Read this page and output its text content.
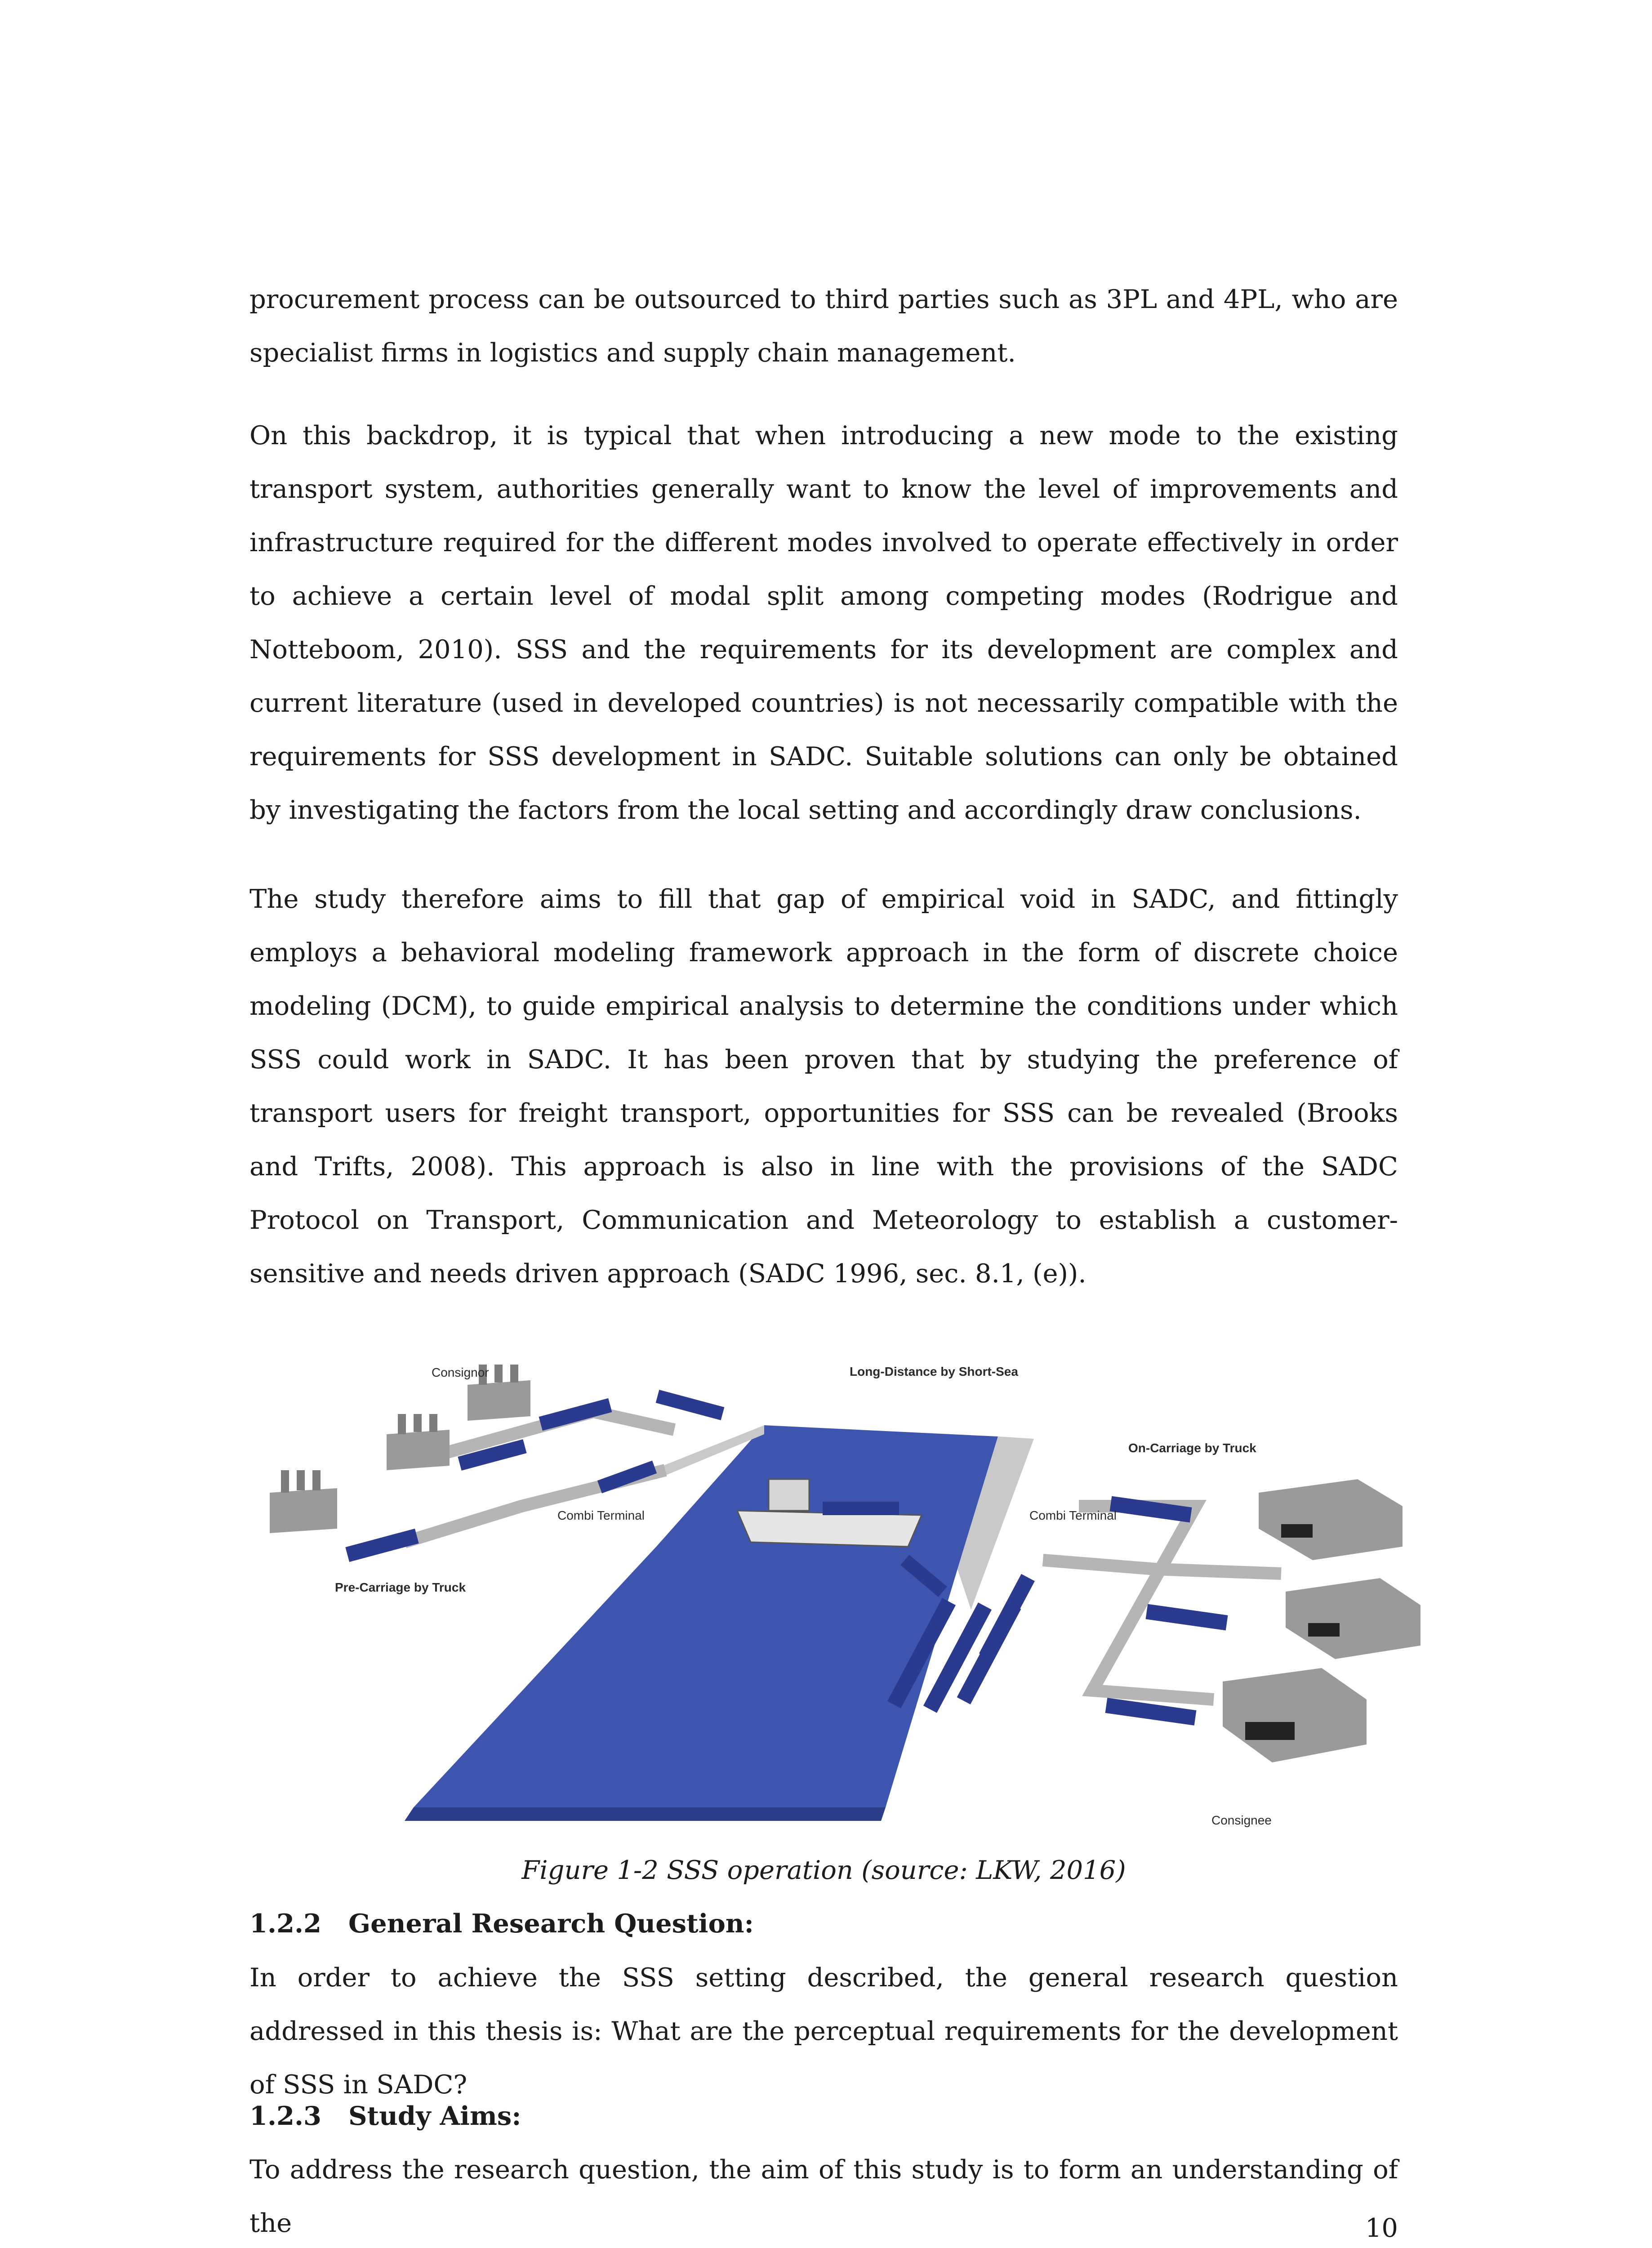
procurement process can be outsourced to third parties such as 3PL and 4PL, who are specialist firms in logistics and supply chain management.

On this backdrop, it is typical that when introducing a new mode to the existing transport system, authorities generally want to know the level of improvements and infrastructure required for the different modes involved to operate effectively in order to achieve a certain level of modal split among competing modes (Rodrigue and Notteboom, 2010). SSS and the requirements for its development are complex and current literature (used in developed countries) is not necessarily compatible with the requirements for SSS development in SADC. Suitable solutions can only be obtained by investigating the factors from the local setting and accordingly draw conclusions.

The study therefore aims to fill that gap of empirical void in SADC, and fittingly employs a behavioral modeling framework approach in the form of discrete choice modeling (DCM), to guide empirical analysis to determine the conditions under which SSS could work in SADC. It has been proven that by studying the preference of transport users for freight transport, opportunities for SSS can be revealed (Brooks and Trifts, 2008). This approach is also in line with the provisions of the SADC Protocol on Transport, Communication and Meteorology to establish a customer-sensitive and needs driven approach (SADC 1996, sec. 8.1, (e)).

Consignor	Long-Distance by Short-Sea
On-Carriage by Truck
Combi Terminal	Combi Terminal
Pre-Carriage by Truck
Consignee
Figure 1-2 SSS operation (source: LKW, 2016)
1.2.2 General Research Question:

In order to achieve the SSS setting described, the general research question addressed in this thesis is: What are the perceptual requirements for the development of SSS in SADC?

1.2.3 Study Aims:

To address the research question, the aim of this study is to form an understanding of the	10
